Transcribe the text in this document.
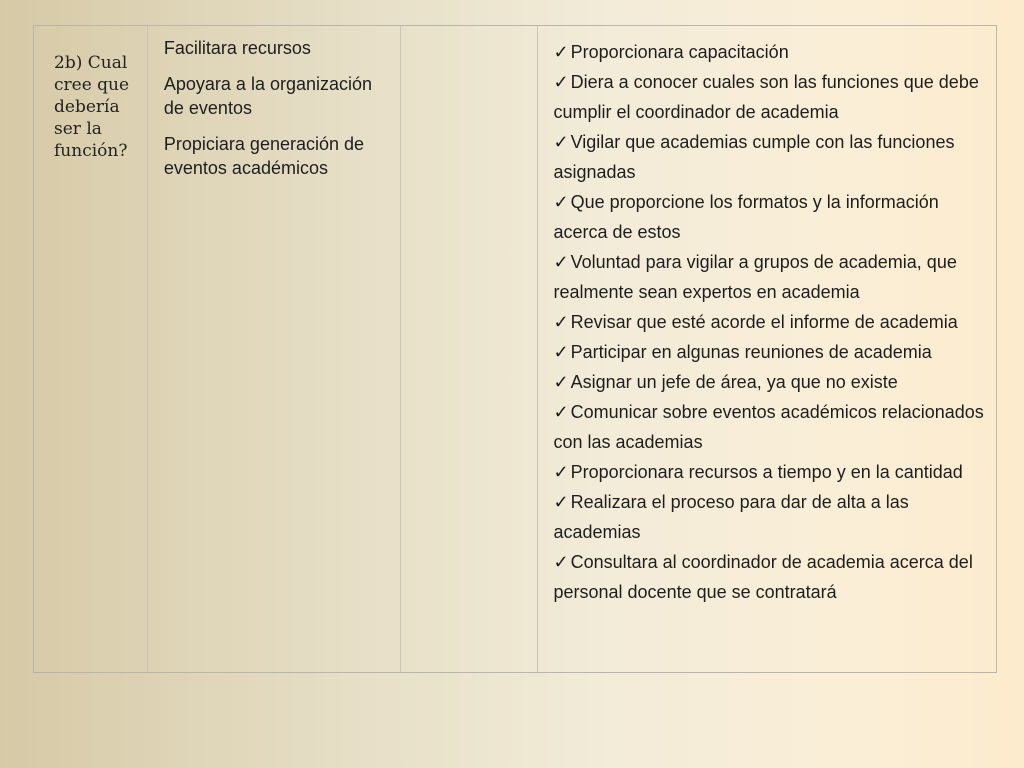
2b) Cual
cree que
debería
ser la
función?

Facilitara recursos

Apoyara a la organización de eventos

Propiciara generación de eventos académicos

✓ Proporcionara capacitación
✓ Diera a conocer cuales son las funciones que debe cumplir el coordinador de academia
✓ Vigilar que academias cumple con las funciones asignadas
✓ Que proporcione los formatos y la información acerca de estos
✓ Voluntad para vigilar a grupos de academia, que realmente sean expertos en academia
✓ Revisar que esté acorde el informe de academia
✓ Participar en algunas reuniones de academia
✓ Asignar un jefe de área, ya que no existe
✓ Comunicar sobre eventos académicos relacionados con las academias
✓ Proporcionara recursos a tiempo y en la cantidad
✓ Realizara el proceso para dar de alta a las academias
✓ Consultara al coordinador de academia acerca del personal docente que se contratará
